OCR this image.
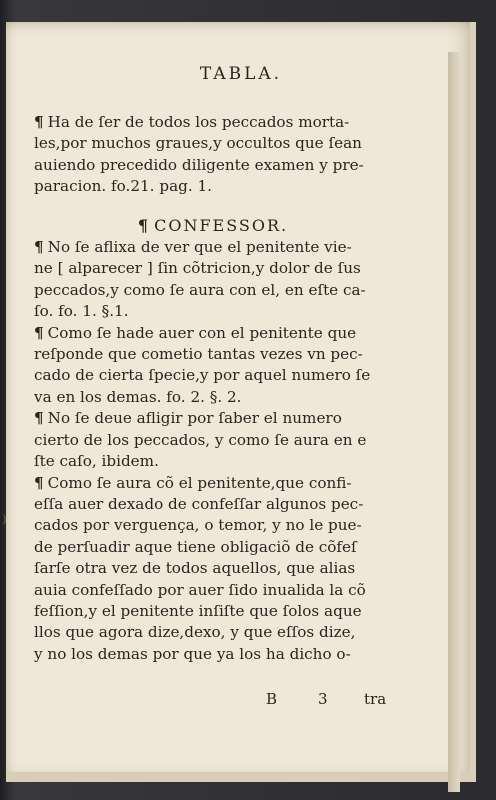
TABLA.
¶ Ha de ſer de todos los peccados morta-
les,por muchos graues,y occultos que ſean
auiendo precedido diligente examen y pre-
paracion. fo.21. pag. 1.
¶ CONFESSOR.
¶ No ſe aflixa de ver que el penitente vie-
ne [ alparecer ] ſin cõtricion,y dolor de ſus
peccados,y como ſe aura con el, en eſte ca-
ſo. fo. 1. §.1.
¶ Como ſe hade auer con el penitente que
reſponde que cometio tantas vezes vn pec-
cado de cierta ſpecie,y por aquel numero ſe
va en los demas. fo. 2. §. 2.
¶ No ſe deue afligir por ſaber el numero
cierto de los peccados, y como ſe aura en e
ſte caſo, ibidem.
¶ Como ſe aura cõ el penitente,que confi-
eſſa auer dexado de confeſſar algunos pec-
cados por verguença, o temor, y no le pue-
de perſuadir aque tiene obligaciõ de cõfeſ
ſarſe otra vez de todos aquellos, que alias
auia confeſſado por auer ſido inualida la cõ
feſſion,y el penitente inſiſte que ſolos aque
llos que agora dize,dexo, y que eſſos dize,
y no los demas por que ya los ha dicho o-
B	3 tra
)
